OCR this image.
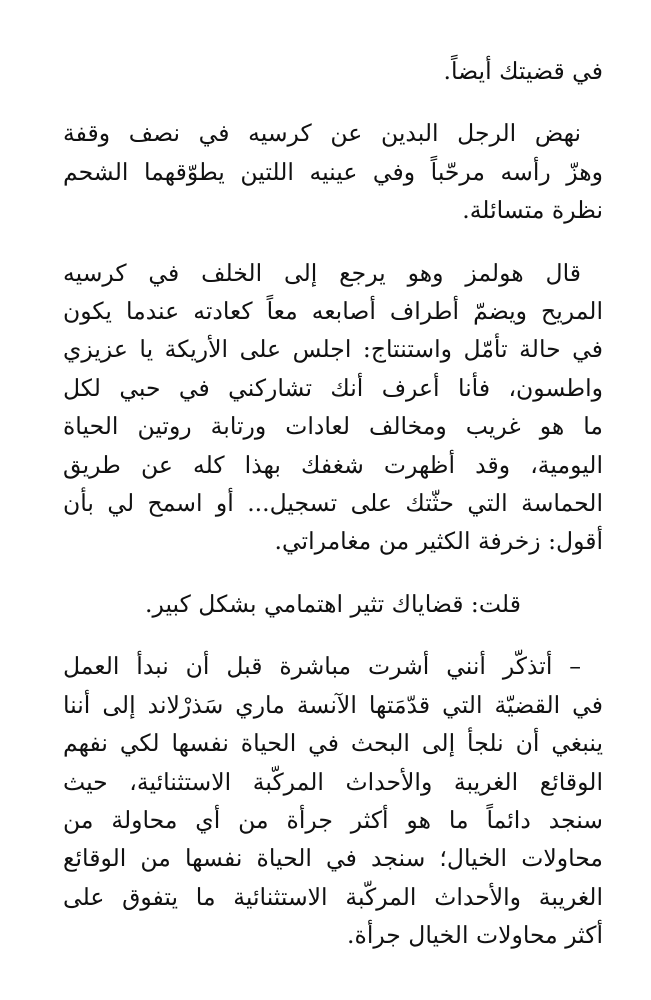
في قضيتك أيضاً.

نهض الرجل البدين عن كرسيه في نصف وقفة
وهزّ رأسه مرحّباً وفي عينيه اللتين يطوّقهما الشحم
نظرة متسائلة.

قال هولمز وهو يرجع إلى الخلف في كرسيه
المريح ويضمّ أطراف أصابعه معاً كعادته عندما يكون
في حالة تأمّل واستنتاج: اجلس على الأريكة يا عزيزي
واطسون، فأنا أعرف أنك تشاركني في حبي لكل
ما هو غريب ومخالف لعادات ورتابة روتين الحياة
اليومية، وقد أظهرت شغفك بهذا كله عن طريق
الحماسة التي حثّتك على تسجيل... أو اسمح لي بأن
أقول: زخرفة الكثير من مغامراتي.

قلت: قضاياك تثير اهتمامي بشكل كبير.

– أتذكّر أنني أشرت مباشرة قبل أن نبدأ العمل
في القضيّة التي قدّمَتها الآنسة ماري سَذرْلاند إلى أننا
ينبغي أن نلجأ إلى البحث في الحياة نفسها لكي نفهم
الوقائع الغريبة والأحداث المركّبة الاستثنائية، حيث
سنجد دائماً ما هو أكثر جرأة من أي محاولة من
محاولات الخيال؛ سنجد في الحياة نفسها من الوقائع
الغريبة والأحداث المركّبة الاستثنائية ما يتفوق على
أكثر محاولات الخيال جرأة.
